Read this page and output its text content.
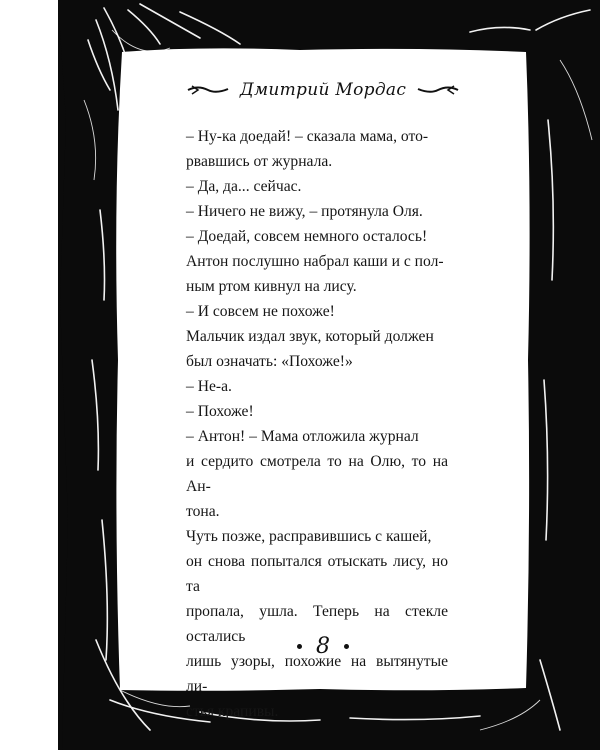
Дмитрий Мордас

– Ну-ка доедай! – сказала мама, ото-

рвавшись от журнала.

– Да, да... сейчас.

– Ничего не вижу, – протянула Оля.

– Доедай, совсем немного осталось!

Антон послушно набрал каши и с пол-

ным ртом кивнул на лису.

– И совсем не похоже!

Мальчик издал звук, который должен

был означать: «Похоже!»

– Не-а.

– Похоже!

– Антон! – Мама отложила журнал

и сердито смотрела то на Олю, то на Ан-

тона.

Чуть позже, расправившись с кашей,

он снова попытался отыскать лису, но та

пропала, ушла. Теперь на стекле остались

лишь узоры, похожие на вытянутые ли-

стья крапивы.

8
